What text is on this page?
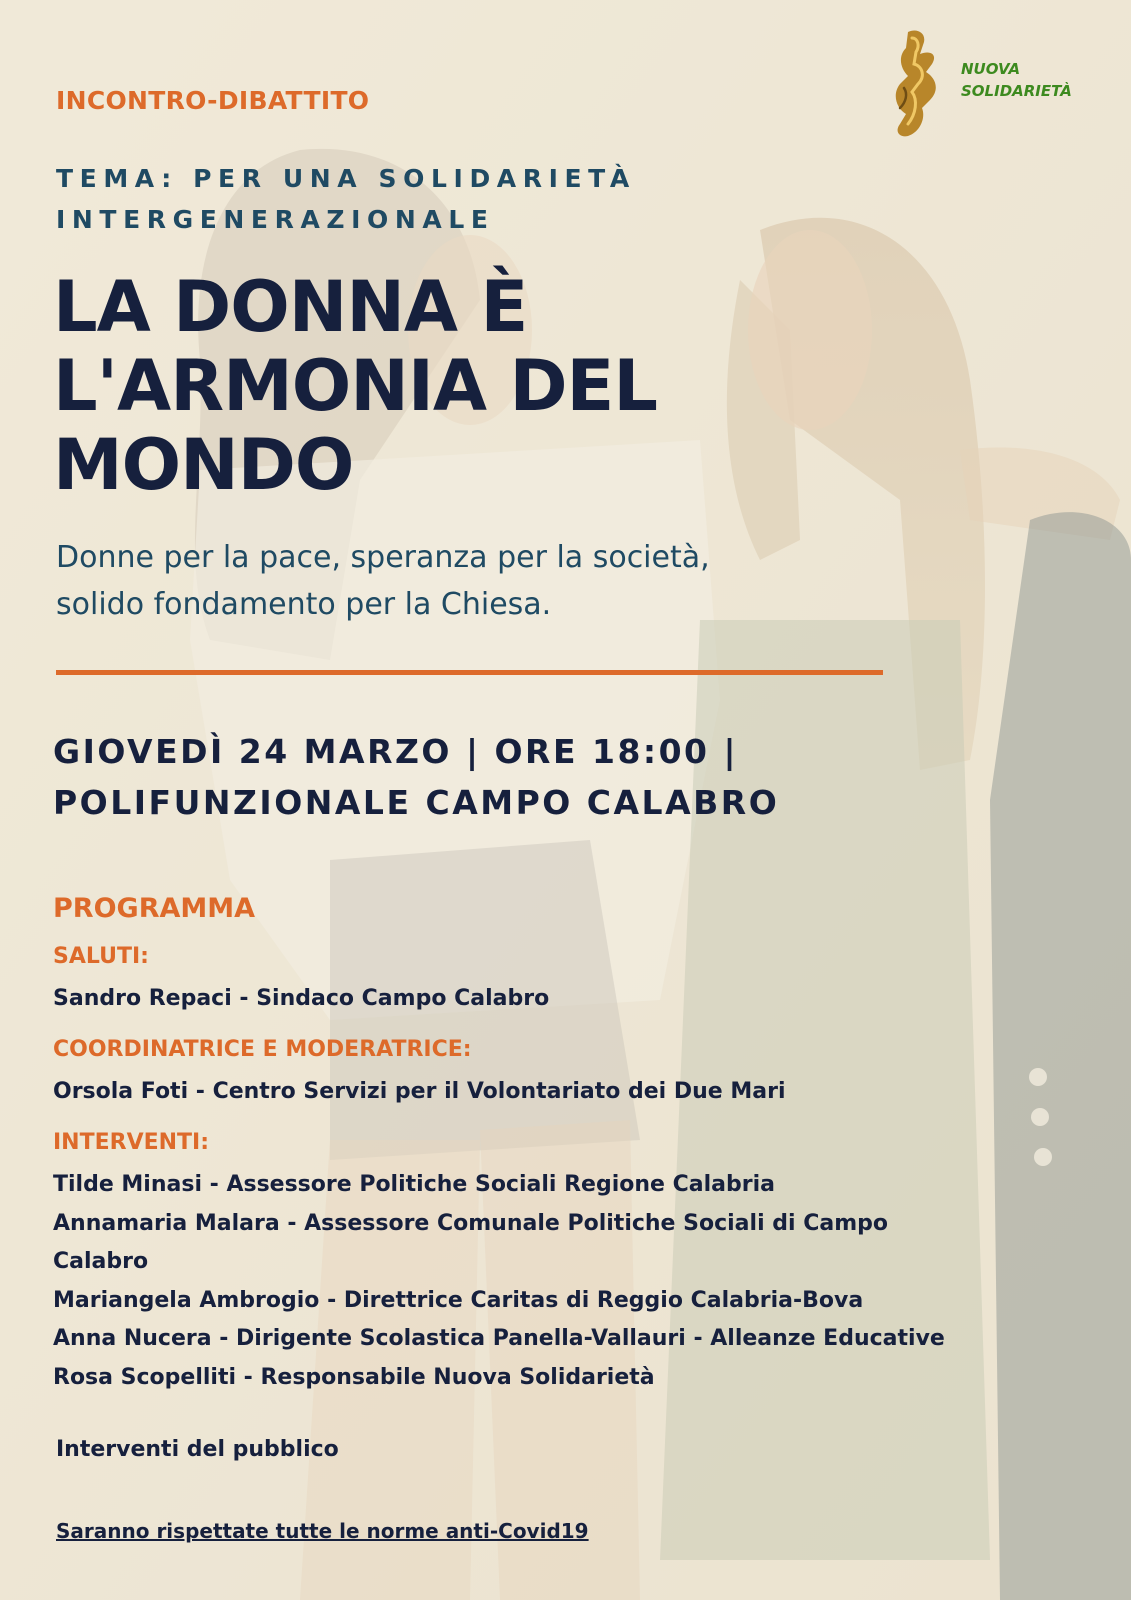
NUOVA
SOLIDARIETÀ
INCONTRO-DIBATTITO
TEMA: PER UNA SOLIDARIETÀ
INTERGENERAZIONALE
LA DONNA È
L'ARMONIA DEL
MONDO
Donne per la pace, speranza per la società,
solido fondamento per la Chiesa.
GIOVEDÌ 24 MARZO | ORE 18:00 |
POLIFUNZIONALE CAMPO CALABRO
PROGRAMMA
SALUTI:
Sandro Repaci - Sindaco Campo Calabro
COORDINATRICE E MODERATRICE:
Orsola Foti - Centro Servizi per il Volontariato dei Due Mari
INTERVENTI:
Tilde Minasi - Assessore Politiche Sociali Regione Calabria
Annamaria Malara - Assessore Comunale Politiche Sociali di Campo
Calabro
Mariangela Ambrogio - Direttrice Caritas di Reggio Calabria-Bova
Anna Nucera - Dirigente Scolastica Panella-Vallauri - Alleanze Educative
Rosa Scopelliti - Responsabile Nuova Solidarietà
Interventi del pubblico
Saranno rispettate tutte le norme anti-Covid19
